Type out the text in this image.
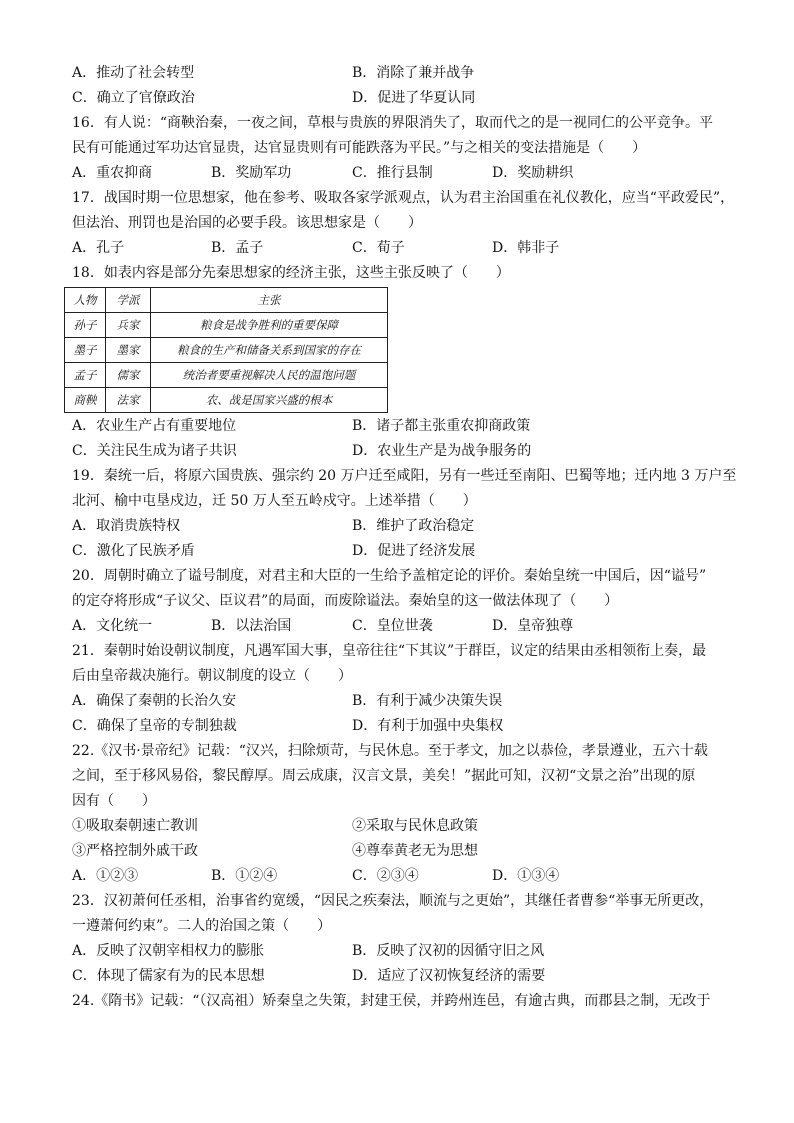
A．推动了社会转型	B．消除了兼并战争
C．确立了官僚政治	D．促进了华夏认同
16．有人说：“商鞅治秦，一夜之间，草根与贵族的界限消失了，取而代之的是一视同仁的公平竞争。平
民有可能通过军功达官显贵，达官显贵则有可能跌落为平民。”与之相关的变法措施是（　　）
A．重农抑商	B．奖励军功	C．推行县制	D．奖励耕织
17．战国时期一位思想家，他在参考、吸取各家学派观点，认为君主治国重在礼仪教化，应当“平政爱民”，
但法治、刑罚也是治国的必要手段。该思想家是（　　）
A．孔子	B．孟子	C．荀子	D．韩非子
18．如表内容是部分先秦思想家的经济主张，这些主张反映了（　　）
人物	学派	主张
孙子	兵家	粮食是战争胜利的重要保障
墨子	墨家	粮食的生产和储备关系到国家的存在
孟子	儒家	统治者要重视解决人民的温饱问题
商鞅	法家	农、战是国家兴盛的根本
A．农业生产占有重要地位	B．诸子都主张重农抑商政策
C．关注民生成为诸子共识	D．农业生产是为战争服务的
19．秦统一后，将原六国贵族、强宗约 20 万户迁至咸阳，另有一些迁至南阳、巴蜀等地；迁内地 3 万户至
北河、榆中屯垦戍边，迁 50 万人至五岭戍守。上述举措（　　）
A．取消贵族特权	B．维护了政治稳定
C．激化了民族矛盾	D．促进了经济发展
20．周朝时确立了谥号制度，对君主和大臣的一生给予盖棺定论的评价。秦始皇统一中国后，因“谥号”
的定夺将形成“子议父、臣议君”的局面，而废除谥法。秦始皇的这一做法体现了（　　）
A．文化统一	B．以法治国	C．皇位世袭	D．皇帝独尊
21．秦朝时始设朝议制度，凡遇军国大事，皇帝往往“下其议”于群臣，议定的结果由丞相领衔上奏，最
后由皇帝裁决施行。朝议制度的设立（　　）
A．确保了秦朝的长治久安	B．有利于减少决策失误
C．确保了皇帝的专制独裁	D．有利于加强中央集权
22.《汉书·景帝纪》记载：“汉兴，扫除烦苛，与民休息。至于孝文，加之以恭俭，孝景遵业，五六十载
之间，至于移风易俗，黎民醇厚。周云成康，汉言文景，美矣！”据此可知，汉初“文景之治”出现的原
因有（　　）
①吸取秦朝速亡教训	②采取与民休息政策
③严格控制外戚干政	④尊奉黄老无为思想
A．①②③	B．①②④	C．②③④	D．①③④
23．汉初萧何任丞相，治事省约宽缓，“因民之疾秦法，顺流与之更始”，其继任者曹参“举事无所更改，
一遵萧何约束”。二人的治国之策（　　）
A．反映了汉朝宰相权力的膨胀	B．反映了汉初的因循守旧之风
C．体现了儒家有为的民本思想	D．适应了汉初恢复经济的需要
24.《隋书》记载：“（汉高祖）矫秦皇之失策，封建王侯，并跨州连邑，有逾古典，而郡县之制，无改于
